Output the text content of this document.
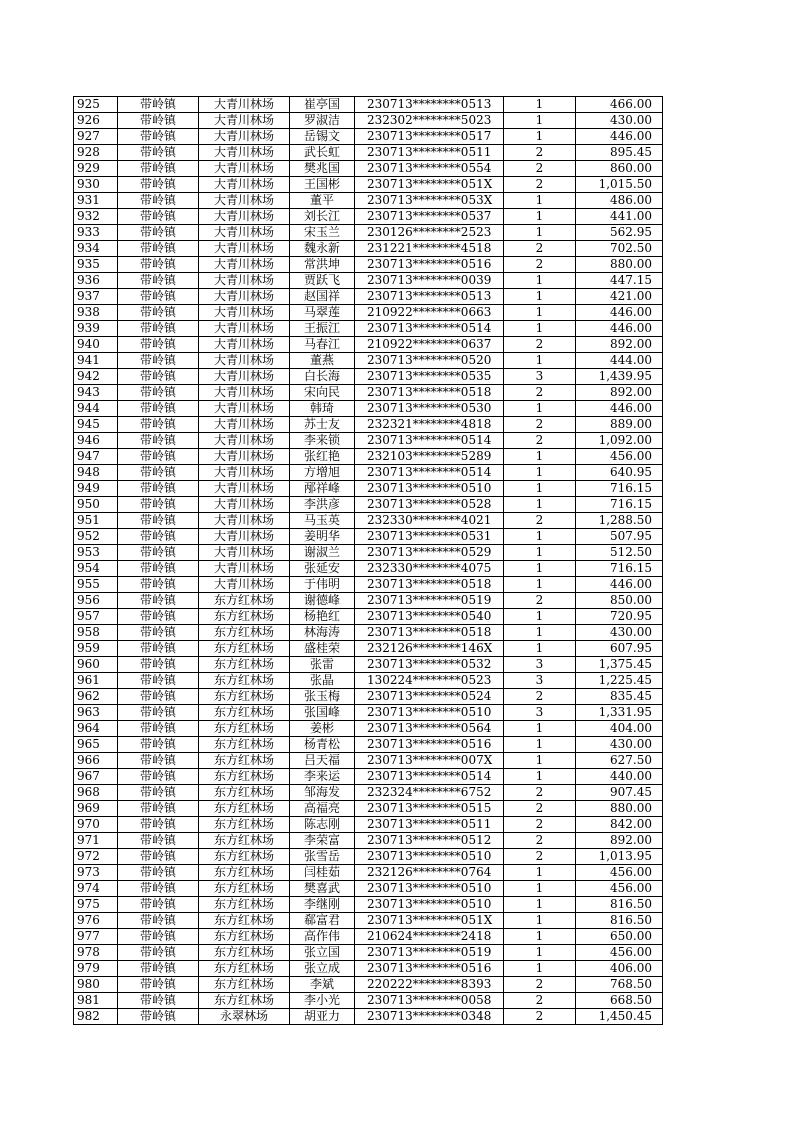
925	带岭镇	大青川林场	崔亭国	230713********0513	1	466.00
926	带岭镇	大青川林场	罗淑洁	232302********5023	1	430.00
927	带岭镇	大青川林场	岳锡文	230713********0517	1	446.00
928	带岭镇	大青川林场	武长虹	230713********0511	2	895.45
929	带岭镇	大青川林场	樊兆国	230713********0554	2	860.00
930	带岭镇	大青川林场	王国彬	230713********051X	2	1,015.50
931	带岭镇	大青川林场	董平	230713********053X	1	486.00
932	带岭镇	大青川林场	刘长江	230713********0537	1	441.00
933	带岭镇	大青川林场	宋玉兰	230126********2523	1	562.95
934	带岭镇	大青川林场	魏永新	231221********4518	2	702.50
935	带岭镇	大青川林场	常洪坤	230713********0516	2	880.00
936	带岭镇	大青川林场	贾跃飞	230713********0039	1	447.15
937	带岭镇	大青川林场	赵国祥	230713********0513	1	421.00
938	带岭镇	大青川林场	马翠莲	210922********0663	1	446.00
939	带岭镇	大青川林场	王振江	230713********0514	1	446.00
940	带岭镇	大青川林场	马春江	210922********0637	2	892.00
941	带岭镇	大青川林场	董燕	230713********0520	1	444.00
942	带岭镇	大青川林场	白长海	230713********0535	3	1,439.95
943	带岭镇	大青川林场	宋向民	230713********0518	2	892.00
944	带岭镇	大青川林场	韩琦	230713********0530	1	446.00
945	带岭镇	大青川林场	苏士友	232321********4818	2	889.00
946	带岭镇	大青川林场	李来锁	230713********0514	2	1,092.00
947	带岭镇	大青川林场	张红艳	232103********5289	1	456.00
948	带岭镇	大青川林场	方增旭	230713********0514	1	640.95
949	带岭镇	大青川林场	邴祥峰	230713********0510	1	716.15
950	带岭镇	大青川林场	李洪彦	230713********0528	1	716.15
951	带岭镇	大青川林场	马玉英	232330********4021	2	1,288.50
952	带岭镇	大青川林场	姜明华	230713********0531	1	507.95
953	带岭镇	大青川林场	谢淑兰	230713********0529	1	512.50
954	带岭镇	大青川林场	张延安	232330********4075	1	716.15
955	带岭镇	大青川林场	于伟明	230713********0518	1	446.00
956	带岭镇	东方红林场	谢德峰	230713********0519	2	850.00
957	带岭镇	东方红林场	杨艳红	230713********0540	1	720.95
958	带岭镇	东方红林场	林海涛	230713********0518	1	430.00
959	带岭镇	东方红林场	盛桂荣	232126********146X	1	607.95
960	带岭镇	东方红林场	张雷	230713********0532	3	1,375.45
961	带岭镇	东方红林场	张晶	130224********0523	3	1,225.45
962	带岭镇	东方红林场	张玉梅	230713********0524	2	835.45
963	带岭镇	东方红林场	张国峰	230713********0510	3	1,331.95
964	带岭镇	东方红林场	姜彬	230713********0564	1	404.00
965	带岭镇	东方红林场	杨青松	230713********0516	1	430.00
966	带岭镇	东方红林场	吕天福	230713********007X	1	627.50
967	带岭镇	东方红林场	李来运	230713********0514	1	440.00
968	带岭镇	东方红林场	邹海发	232324********6752	2	907.45
969	带岭镇	东方红林场	高福亮	230713********0515	2	880.00
970	带岭镇	东方红林场	陈志刚	230713********0511	2	842.00
971	带岭镇	东方红林场	李荣富	230713********0512	2	892.00
972	带岭镇	东方红林场	张雪岳	230713********0510	2	1,013.95
973	带岭镇	东方红林场	闫桂茹	232126********0764	1	456.00
974	带岭镇	东方红林场	樊喜武	230713********0510	1	456.00
975	带岭镇	东方红林场	李继刚	230713********0510	1	816.50
976	带岭镇	东方红林场	郗富君	230713********051X	1	816.50
977	带岭镇	东方红林场	高作伟	210624********2418	1	650.00
978	带岭镇	东方红林场	张立国	230713********0519	1	456.00
979	带岭镇	东方红林场	张立成	230713********0516	1	406.00
980	带岭镇	东方红林场	李斌	220222********8393	2	768.50
981	带岭镇	东方红林场	李小光	230713********0058	2	668.50
982	带岭镇	永翠林场	胡亚力	230713********0348	2	1,450.45
